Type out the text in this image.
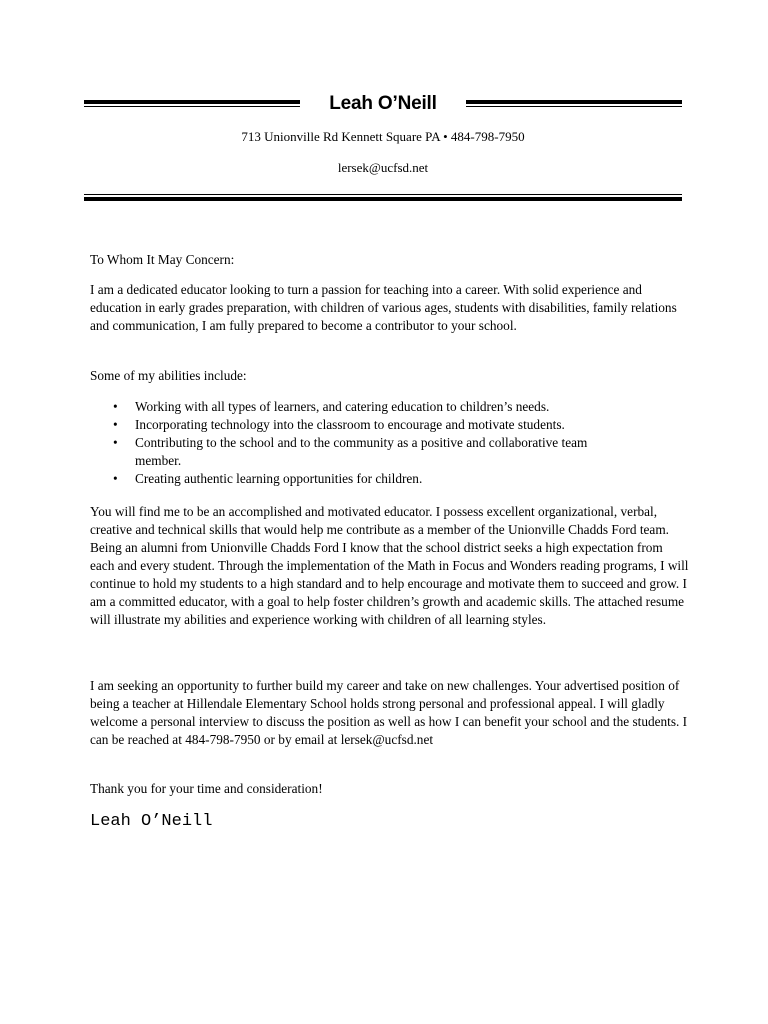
Leah O’Neill
713 Unionville Rd Kennett Square PA • 484-798-7950
lersek@ucfsd.net
To Whom It May Concern:

I am a dedicated educator looking to turn a passion for teaching into a career. With solid experience and education in early grades preparation, with children of various ages, students with disabilities, family relations and communication, I am fully prepared to become a contributor to your school.

Some of my abilities include:
• Working with all types of learners, and catering education to children’s needs.
• Incorporating technology into the classroom to encourage and motivate students.
• Contributing to the school and to the community as a positive and collaborative team member.
• Creating authentic learning opportunities for children.

You will find me to be an accomplished and motivated educator. I possess excellent organizational, verbal, creative and technical skills that would help me contribute as a member of the Unionville Chadds Ford team. Being an alumni from Unionville Chadds Ford I know that the school district seeks a high expectation from each and every student. Through the implementation of the Math in Focus and Wonders reading programs, I will continue to hold my students to a high standard and to help encourage and motivate them to succeed and grow. I am a committed educator, with a goal to help foster children’s growth and academic skills. The attached resume will illustrate my abilities and experience working with children of all learning styles.

I am seeking an opportunity to further build my career and take on new challenges. Your advertised position of being a teacher at Hillendale Elementary School holds strong personal and professional appeal. I will gladly welcome a personal interview to discuss the position as well as how I can benefit your school and the students. I can be reached at 484-798-7950 or by email at lersek@ucfsd.net

Thank you for your time and consideration!
Leah O’Neill
